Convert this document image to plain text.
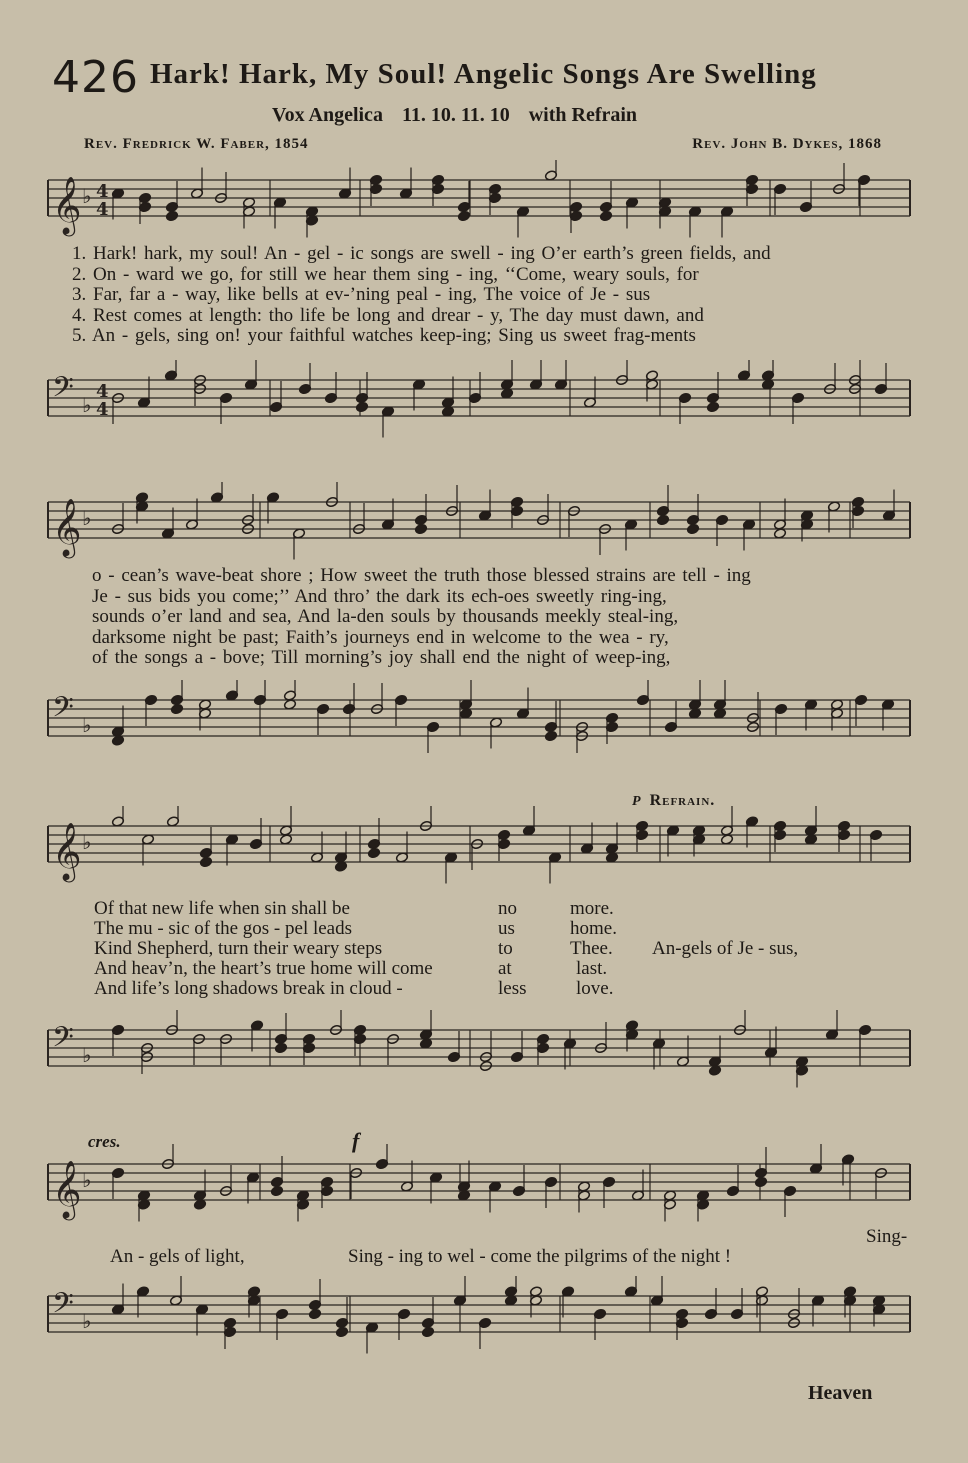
426 Hark! Hark, My Soul! Angelic Songs Are Swelling
Vox Angelica 11. 10. 11. 10 with Refrain
Rev. Fredrick W. Faber, 1854	Rev. John B. Dykes, 1868
𝄞 ♭ 4
4
1. Hark! hark, my soul! An - gel - ic songs are swell - ing O’er earth’s green fields, and
2. On - ward we go, for still we hear them sing - ing, ‘‘Come, weary souls, for
3. Far, far a - way, like bells at ev-’ning peal - ing, The voice of Je - sus
4. Rest comes at length: tho life be long and drear - y, The day must dawn, and
5. An - gels, sing on! your faithful watches keep-ing; Sing us sweet frag-ments
𝄢 ♭
4
4
𝄞 ♭
o - cean’s wave-beat shore ; How sweet the truth those blessed strains are tell - ing
Je - sus bids you come;’’ And thro’ the dark its ech-oes sweetly ring-ing,
sounds o’er land and sea, And la-den souls by thousands meekly steal-ing,
darksome night be past; Faith’s journeys end in welcome to the wea - ry,
of the songs a - bove; Till morning’s joy shall end the night of weep-ing,
𝄢 ♭
p Refrain.
𝄞 ♭
Of that new life when sin shall be	no	more.
The mu - sic of the gos - pel leads	us	home.
Kind Shepherd, turn their weary steps	to	Thee. An-gels of Je - sus,
And heav’n, the heart’s true home will come	at	last.
And life’s long shadows break in cloud -	less	love.
𝄢 ♭
cres.	f
𝄞 ♭
An - gels of light,	Sing - ing to wel - come the pilgrims of the night !
Sing-
𝄢 ♭
Heaven
